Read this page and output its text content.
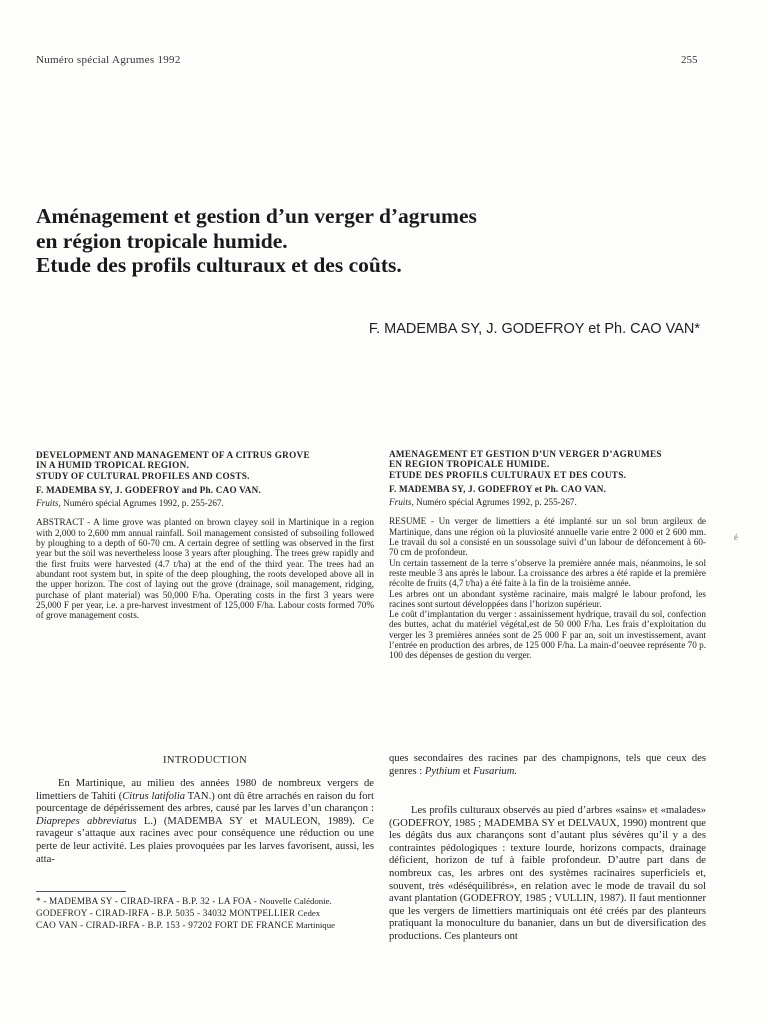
Numéro spécial Agrumes 1992	255
Aménagement et gestion d’un verger d’agrumes
en région tropicale humide.
Etude des profils culturaux et des coûts.
F. MADEMBA SY, J. GODEFROY et Ph. CAO VAN*
DEVELOPMENT AND MANAGEMENT OF A CITRUS GROVE
IN A HUMID TROPICAL REGION.
STUDY OF CULTURAL PROFILES AND COSTS.
F. MADEMBA SY, J. GODEFROY and Ph. CAO VAN.
Fruits, Numéro spécial Agrumes 1992, p. 255-267.
ABSTRACT - A lime grove was planted on brown clayey soil in Martinique in a region with 2,000 to 2,600 mm annual rainfall. Soil management consisted of subsoiling followed by ploughing to a depth of 60-70 cm. A certain degree of settling was observed in the first year but the soil was nevertheless loose 3 years after ploughing. The trees grew rapidly and the first fruits were harvested (4.7 t/ha) at the end of the third year. The trees had an abundant root system but, in spite of the deep ploughing, the roots developed above all in the upper horizon. The cost of laying out the grove (drainage, soil management, ridging, purchase of plant material) was 50,000 F/ha. Operating costs in the first 3 years were 25,000 F per year, i.e. a pre-harvest investment of 125,000 F/ha. Labour costs formed 70% of grove management costs.
AMENAGEMENT ET GESTION D’UN VERGER D’AGRUMES
EN REGION TROPICALE HUMIDE.
ETUDE DES PROFILS CULTURAUX ET DES COUTS.
F. MADEMBA SY, J. GODEFROY et Ph. CAO VAN.
Fruits, Numéro spécial Agrumes 1992, p. 255-267.
RESUME - Un verger de limettiers a été implanté sur un sol brun argileux de Martinique, dans une région où la pluviosité annuelle varie entre 2 000 et 2 600 mm. Le travail du sol a consisté en un soussolage suivi d’un labour de défoncement à 60-70 cm de profondeur.
Un certain tassement de la terre s’observe la première année mais, néanmoins, le sol reste meuble 3 ans après le labour. La croissance des arbres a été rapide et la première récolte de fruits (4,7 t/ha) a été faite à la fin de la troisième année.
Les arbres ont un abondant système racinaire, mais malgré le labour profond, les racines sont surtout développées dans l’horizon supérieur.
Le coût d’implantation du verger : assainissement hydrique, travail du sol, confection des buttes, achat du matériel végétal,est de 50 000 F/ha. Les frais d’exploitation du verger les 3 premières années sont de 25 000 F par an, soit un investissement, avant l’entrée en production des arbres, de 125 000 F/ha. La main-d’oeuvee représente 70 p. 100 des dépenses de gestion du verger.
é
INTRODUCTION
En Martinique, au milieu des années 1980 de nombreux vergers de limettiers de Tahiti (Citrus latifolia TAN.) ont dû être arrachés en raison du fort pourcentage de dépérissement des arbres, causé par les larves d’un charançon : Diaprepes abbreviatus L.) (MADEMBA SY et MAULEON, 1989). Ce ravageur s’attaque aux racines avec pour conséquence une réduction ou une perte de leur activité. Les plaies provoquées par les larves favorisent, aussi, les atta-
ques secondaires des racines par des champignons, tels que ceux des genres : Pythium et Fusarium.
Les profils culturaux observés au pied d’arbres «sains» et «malades» (GODEFROY, 1985 ; MADEMBA SY et DELVAUX, 1990) montrent que les dégâts dus aux charançons sont d’autant plus sévères qu’il y a des contraintes pédologiques : texture lourde, horizons compacts, drainage déficient, horizon de tuf à faible profondeur. D’autre part dans de nombreux cas, les arbres ont des systèmes racinaires superficiels et, souvent, très «déséquilibrés», en relation avec le mode de travail du sol avant plantation (GODEFROY, 1985 ; VULLIN, 1987). Il faut mentionner que les vergers de limettiers martiniquais ont été créés par des planteurs pratiquant la monoculture du bananier, dans un but de diversification des productions. Ces planteurs ont
* - MADEMBA SY - CIRAD-IRFA - B.P. 32 - LA FOA - Nouvelle Calédonie.
GODEFROY - CIRAD-IRFA - B.P. 5035 - 34032 MONTPELLIER Cedex
CAO VAN - CIRAD-IRFA - B.P. 153 - 97202 FORT DE FRANCE Martinique
